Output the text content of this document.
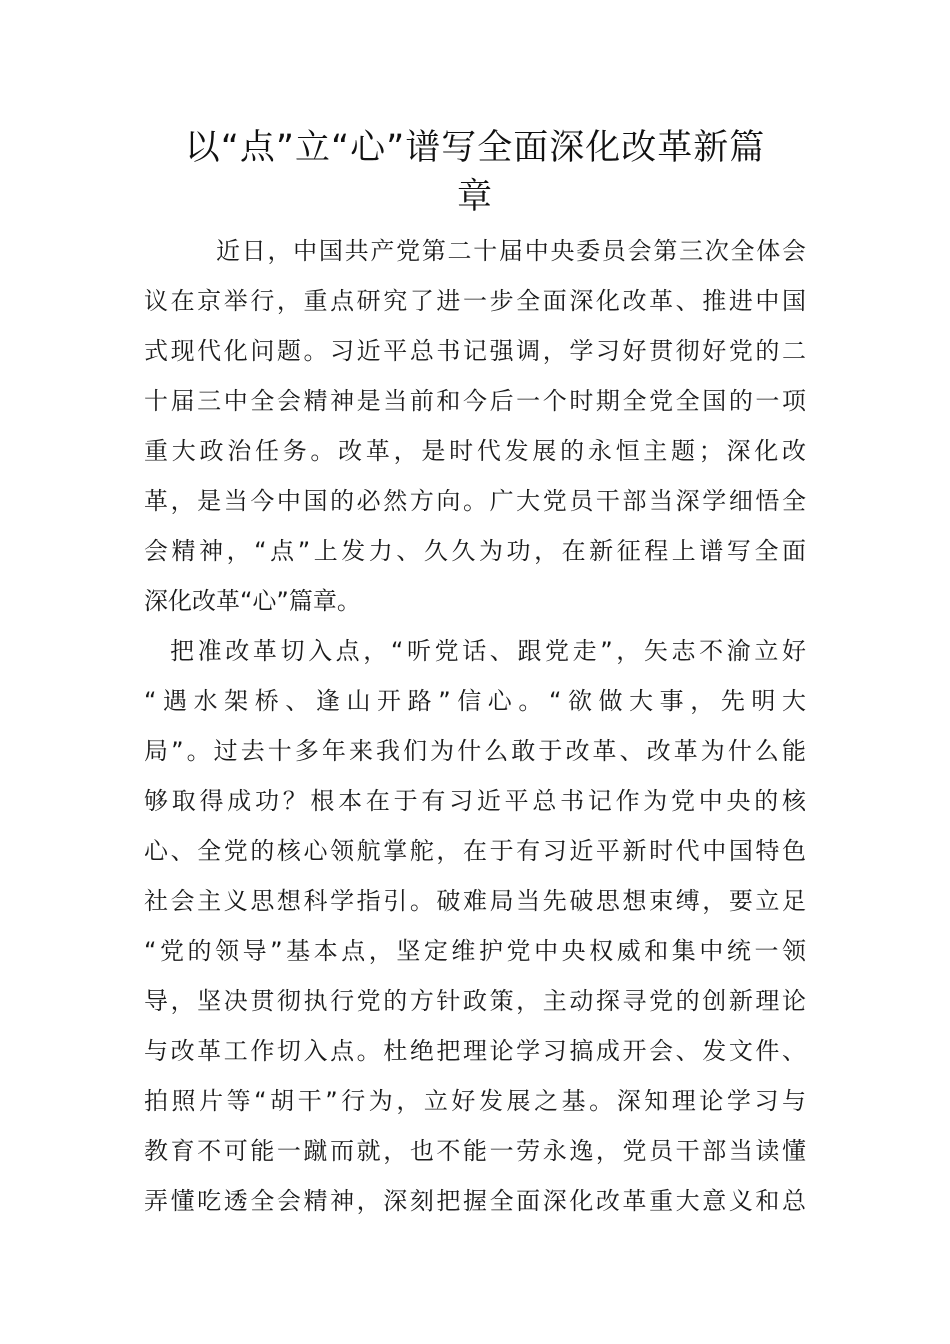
以“点”立“心”谱写全面深化改革新篇
章
近日，中国共产党第二十届中央委员会第三次全体会
议在京举行，重点研究了进一步全面深化改革、推进中国
式现代化问题。习近平总书记强调，学习好贯彻好党的二
十届三中全会精神是当前和今后一个时期全党全国的一项
重大政治任务。改革，是时代发展的永恒主题；深化改
革，是当今中国的必然方向。广大党员干部当深学细悟全
会精神，“点”上发力、久久为功，在新征程上谱写全面
深化改革“心”篇章。
把准改革切入点，“听党话、跟党走”，矢志不渝立好
“遇水架桥、逢山开路”信心。“欲做大事，先明大
局”。过去十多年来我们为什么敢于改革、改革为什么能
够取得成功？根本在于有习近平总书记作为党中央的核
心、全党的核心领航掌舵，在于有习近平新时代中国特色
社会主义思想科学指引。破难局当先破思想束缚，要立足
“党的领导”基本点，坚定维护党中央权威和集中统一领
导，坚决贯彻执行党的方针政策，主动探寻党的创新理论
与改革工作切入点。杜绝把理论学习搞成开会、发文件、
拍照片等“胡干”行为，立好发展之基。深知理论学习与
教育不可能一蹴而就，也不能一劳永逸，党员干部当读懂
弄懂吃透全会精神，深刻把握全面深化改革重大意义和总
